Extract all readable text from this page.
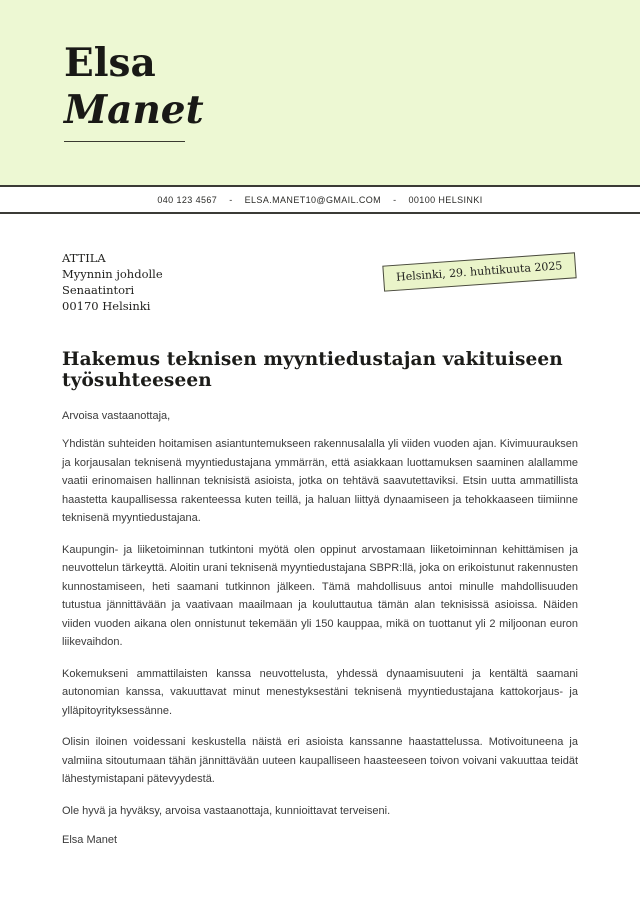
Elsa
Manet
040 123 4567 - ELSA.MANET10@GMAIL.COM - 00100 HELSINKI
ATTILA
Myynnin johdolle
Senaatintori
00170 Helsinki
Helsinki, 29. huhtikuuta 2025
Hakemus teknisen myyntiedustajan vakituiseen työsuhteeseen

Arvoisa vastaanottaja,

Yhdistän suhteiden hoitamisen asiantuntemukseen rakennusalalla yli viiden vuoden ajan. Kivimuurauksen ja korjausalan teknisenä myyntiedustajana ymmärrän, että asiakkaan luottamuksen saaminen alallamme vaatii erinomaisen hallinnan teknisistä asioista, jotka on tehtävä saavutettaviksi. Etsin uutta ammatillista haastetta kaupallisessa rakenteessa kuten teillä, ja haluan liittyä dynaamiseen ja tehokkaaseen tiimiinne teknisenä myyntiedustajana.

Kaupungin- ja liiketoiminnan tutkintoni myötä olen oppinut arvostamaan liiketoiminnan kehittämisen ja neuvottelun tärkeyttä. Aloitin urani teknisenä myyntiedustajana SBPR:llä, joka on erikoistunut rakennusten kunnostamiseen, heti saamani tutkinnon jälkeen. Tämä mahdollisuus antoi minulle mahdollisuuden tutustua jännittävään ja vaativaan maailmaan ja kouluttautua tämän alan teknisissä asioissa. Näiden viiden vuoden aikana olen onnistunut tekemään yli 150 kauppaa, mikä on tuottanut yli 2 miljoonan euron liikevaihdon.

Kokemukseni ammattilaisten kanssa neuvottelusta, yhdessä dynaamisuuteni ja kentältä saamani autonomian kanssa, vakuuttavat minut menestyksestäni teknisenä myyntiedustajana kattokorjaus- ja ylläpitoyrityksessänne.

Olisin iloinen voidessani keskustella näistä eri asioista kanssanne haastattelussa. Motivoituneena ja valmiina sitoutumaan tähän jännittävään uuteen kaupalliseen haasteeseen toivon voivani vakuuttaa teidät lähestymistapani pätevyydestä.

Ole hyvä ja hyväksy, arvoisa vastaanottaja, kunnioittavat terveiseni.

Elsa Manet
